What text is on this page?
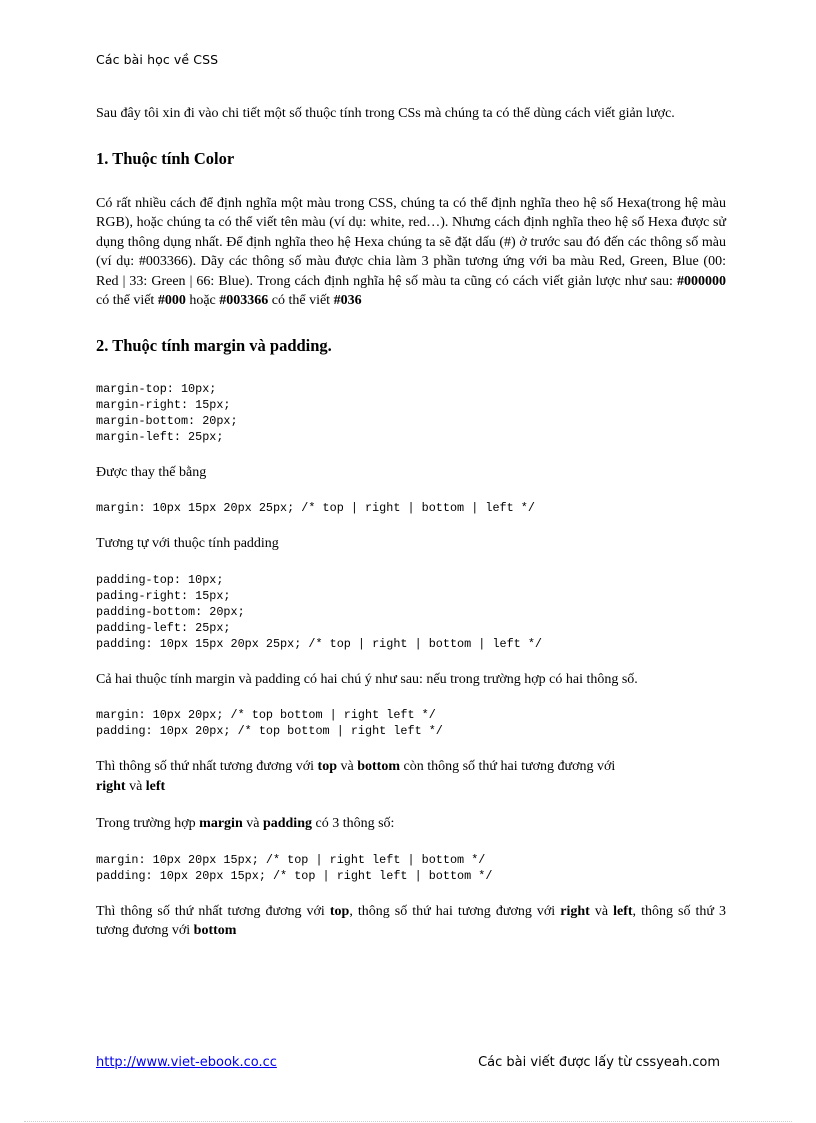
Các bài học về CSS

Sau đây tôi xin đi vào chi tiết một số thuộc tính trong CSs mà chúng ta có thể dùng cách viết giản lược.

1. Thuộc tính Color

Có rất nhiều cách để định nghĩa một màu trong CSS, chúng ta có thể định nghĩa theo hệ số Hexa(trong hệ màu RGB), hoặc chúng ta có thể viết tên màu (ví dụ: white, red…). Nhưng cách định nghĩa theo hệ số Hexa được sử dụng thông dụng nhất. Để định nghĩa theo hệ Hexa chúng ta sẽ đặt dấu (#) ở trước sau đó đến các thông số màu (ví dụ: #003366). Dãy các thông số màu được chia làm 3 phần tương ứng với ba màu Red, Green, Blue (00: Red | 33: Green | 66: Blue). Trong cách định nghĩa hệ số màu ta cũng có cách viết giản lược như sau: #000000 có thể viết #000 hoặc #003366 có thể viết #036

2. Thuộc tính margin và padding.
margin-top: 10px;
margin-right: 15px;
margin-bottom: 20px;
margin-left: 25px;

Được thay thế bằng

margin: 10px 15px 20px 25px; /* top | right | bottom | left */

Tương tự với thuộc tính padding

padding-top: 10px;
pading-right: 15px;
padding-bottom: 20px;
padding-left: 25px;
padding: 10px 15px 20px 25px; /* top | right | bottom | left */

Cả hai thuộc tính margin và padding có hai chú ý như sau: nếu trong trường hợp có hai thông số.

margin: 10px 20px; /* top bottom | right left */
padding: 10px 20px; /* top bottom | right left */

Thì thông số thứ nhất tương đương với top và bottom còn thông số thứ hai tương đương với
right và left

Trong trường hợp margin và padding có 3 thông số:

margin: 10px 20px 15px; /* top | right left | bottom */
padding: 10px 20px 15px; /* top | right left | bottom */

Thì thông số thứ nhất tương đương với top, thông số thứ hai tương đương với right và left, thông số thứ 3 tương đương với bottom

http://www.viet-ebook.co.cc	Các bài viết được lấy từ cssyeah.com
